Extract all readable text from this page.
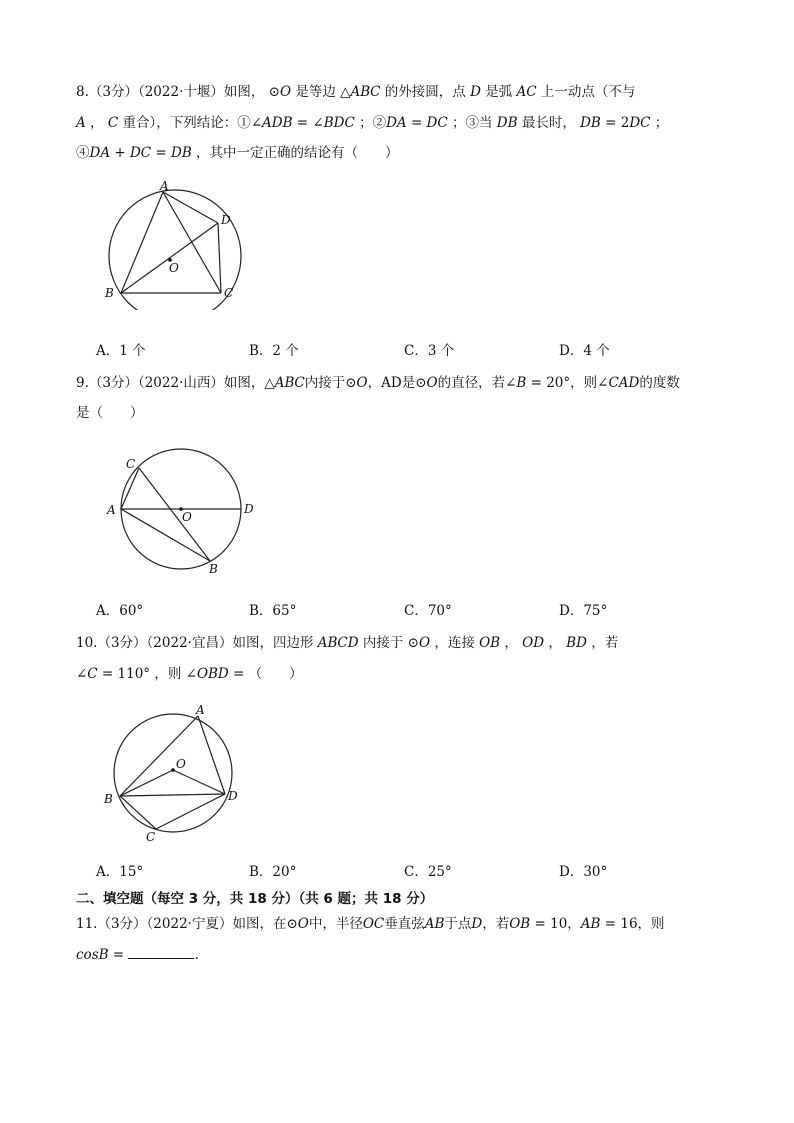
8.（3分）（2022·十堰）如图， ⊙𝑂 是等边 △𝐴𝐵𝐶 的外接圆，点 𝐷 是弧 𝐴𝐶 上一动点（不与
𝐴 ， 𝐶 重合），下列结论：①∠𝐴𝐷𝐵 = ∠𝐵𝐷𝐶 ；②𝐷𝐴 = 𝐷𝐶 ；③当 𝐷𝐵 最长时， 𝐷𝐵 = 2𝐷𝐶 ；
④𝐷𝐴 + 𝐷𝐶 = 𝐷𝐵 ，其中一定正确的结论有（　　）
A
B	C
D
O
A．1 个	B．2 个	C．3 个	D．4 个
9.（3分）（2022·山西）如图，△𝐴𝐵𝐶内接于⊙𝑂，AD是⊙𝑂的直径，若∠𝐵 = 20°，则∠𝐶𝐴𝐷的度数
是（　　）
A
C
D
O
B
A．60°	B．65°	C．70°	D．75°
10.（3分）（2022·宜昌）如图，四边形 𝐴𝐵𝐶𝐷 内接于 ⊙𝑂 ，连接 𝑂𝐵 ， 𝑂𝐷 ， 𝐵𝐷 ，若
∠𝐶 = 110° ，则 ∠𝑂𝐵𝐷 = （　　）
A
O
B	D
C
A．15°	B．20°	C．25°	D．30°
二、填空题（每空 3 分，共 18 分）（共 6 题；共 18 分）
11.（3分）（2022·宁夏）如图，在⊙𝑂中，半径𝑂𝐶垂直弦𝐴𝐵于点𝐷，若𝑂𝐵 = 10，𝐴𝐵 = 16，则
𝑐𝑜𝑠𝐵 =	.
